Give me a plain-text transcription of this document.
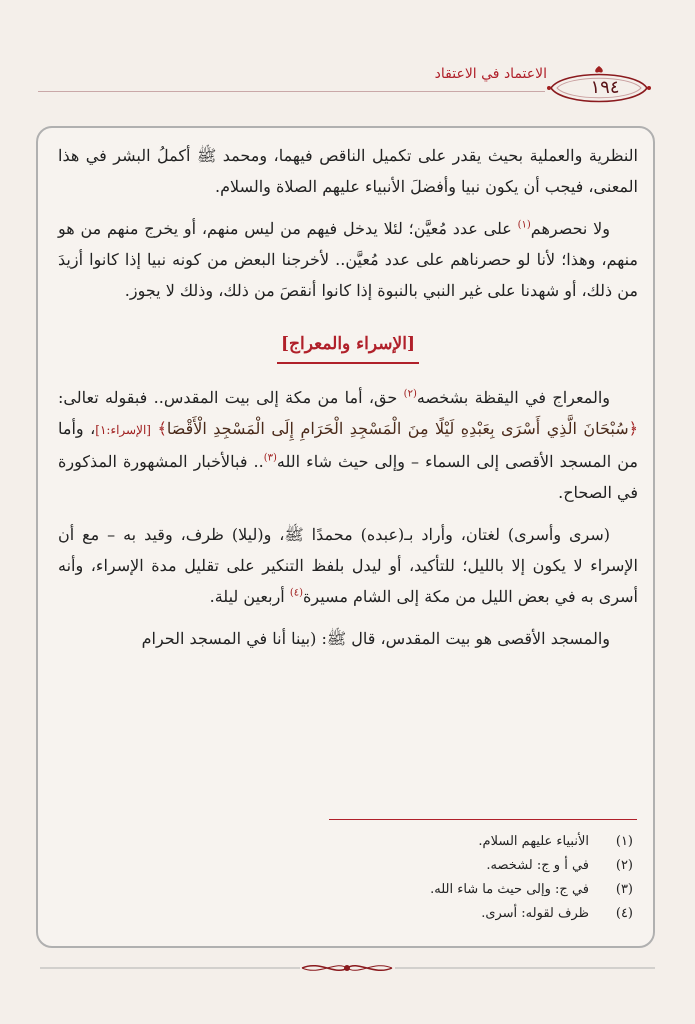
الاعتماد في الاعتقاد
١٩٤

النظرية والعملية بحيث يقدر على تكميل الناقص فيهما، ومحمد ﷺ أكملُ البشر في هذا المعنى، فيجب أن يكون نبيا وأفضلَ الأنبياء عليهم الصلاة والسلام.

ولا نحصرهم$^{(١)}$ على عدد مُعيَّن؛ لئلا يدخل فيهم من ليس منهم، أو يخرج منهم من هو منهم، وهذا؛ لأنا لو حصرناهم على عدد مُعيَّن.. لأخرجنا البعض من كونه نبيا إذا كانوا أزيدَ من ذلك، أو شهدنا على غير النبي بالنبوة إذا كانوا أنقصَ من ذلك، وذلك لا يجوز.

[الإسراء والمعراج]

والمعراج في اليقظة بشخصه$^{(٢)}$ حق، أما من مكة إلى بيت المقدس.. فبقوله تعالى: ﴿سُبْحَانَ الَّذِي أَسْرَى بِعَبْدِهِ لَيْلًا مِنَ الْمَسْجِدِ الْحَرَامِ إِلَى الْمَسْجِدِ الْأَقْصَا﴾ [الإسراء:١]، وأما من المسجد الأقصى إلى السماء – وإلى حيث شاء الله$^{(٣)}$.. فبالأخبار المشهورة المذكورة في الصحاح.

(سرى وأسرى) لغتان، وأراد بـ(عبده) محمدًا ﷺ، و(ليلا) ظرف، وقيد به – مع أن الإسراء لا يكون إلا بالليل؛ للتأكيد، أو ليدل بلفظ التنكير على تقليل مدة الإسراء، وأنه أسرى به في بعض الليل من مكة إلى الشام مسيرة$^{(٤)}$ أربعين ليلة.

والمسجد الأقصى هو بيت المقدس، قال ﷺ: (بينا أنا في المسجد الحرام

(١)
الأنبياء عليهم السلام.
(٢)
في أ و ج: لشخصه.
(٣)
في ج: وإلى حيث ما شاء الله.
(٤)
ظرف لقوله: أسرى.
